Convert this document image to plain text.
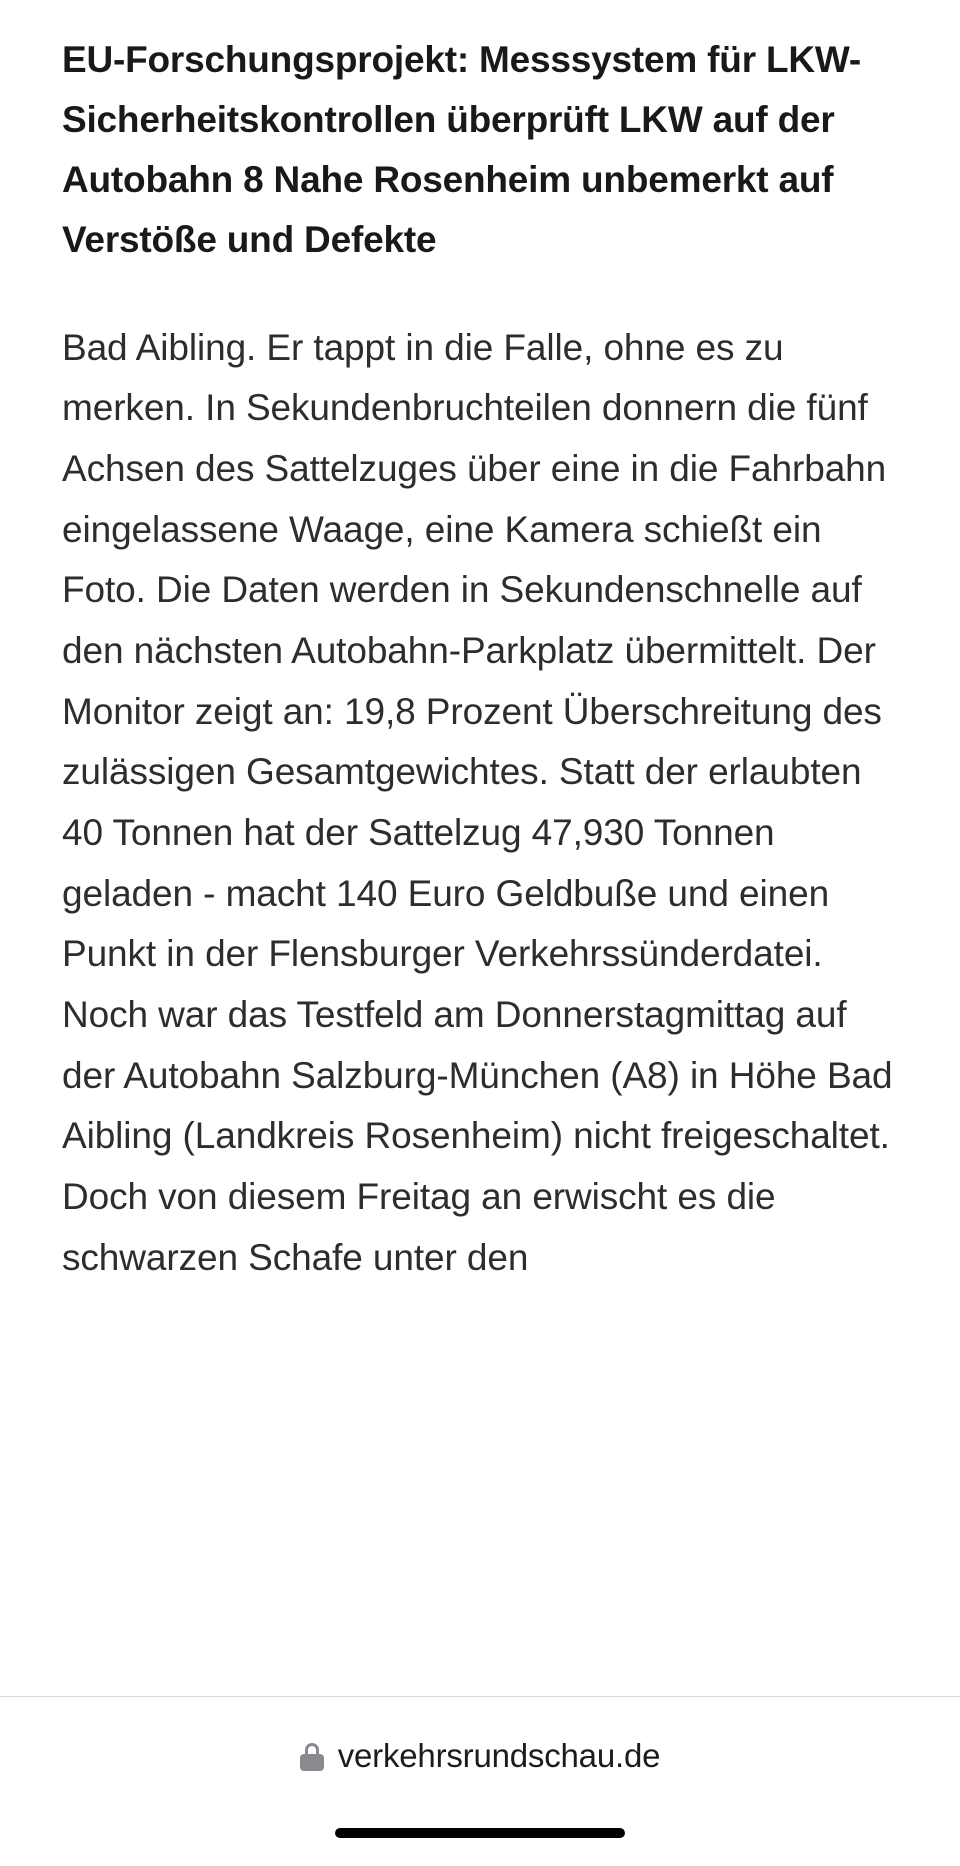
EU-Forschungsprojekt: Messsystem für LKW-Sicherheitskontrollen überprüft LKW auf der Autobahn 8 Nahe Rosenheim unbemerkt auf Verstöße und Defekte

Bad Aibling. Er tappt in die Falle, ohne es zu merken. In Sekundenbruchteilen donnern die fünf Achsen des Sattelzuges über eine in die Fahrbahn eingelassene Waage, eine Kamera schießt ein Foto. Die Daten werden in Sekundenschnelle auf den nächsten Autobahn-Parkplatz übermittelt. Der Monitor zeigt an: 19,8 Prozent Überschreitung des zulässigen Gesamtgewichtes. Statt der erlaubten 40 Tonnen hat der Sattelzug 47,930 Tonnen geladen - macht 140 Euro Geldbuße und einen Punkt in der Flensburger Verkehrssünderdatei. Noch war das Testfeld am Donnerstagmittag auf der Autobahn Salzburg-München (A8) in Höhe Bad Aibling (Landkreis Rosenheim) nicht freigeschaltet. Doch von diesem Freitag an erwischt es die schwarzen Schafe unter den

verkehrsrundschau.de
